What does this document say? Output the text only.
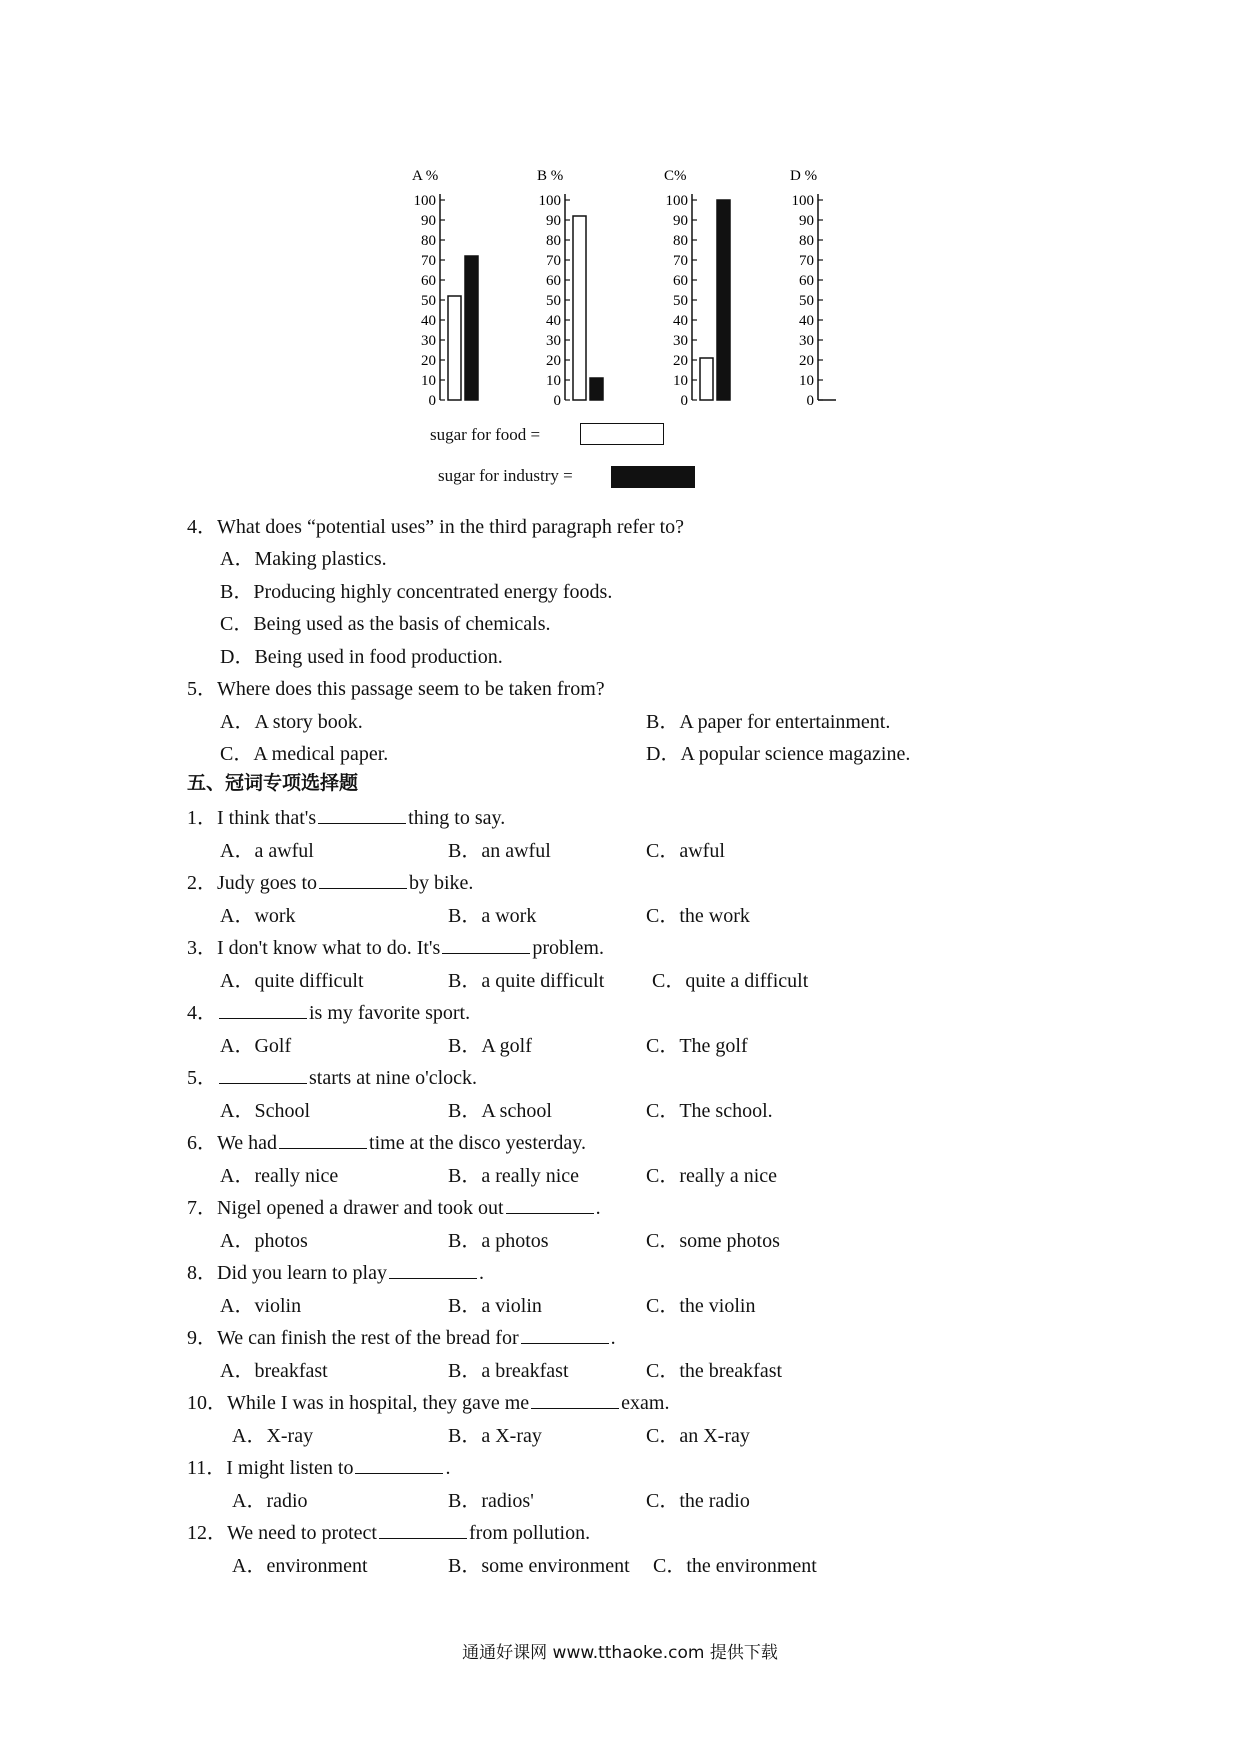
A %
100
90
80
70
60
50
40
30
20
10
0
B %
100
90
80
70
60
50
40
30
20
10
0
C%
100
90
80
70
60
50
40
30
20
10
0
D %
100
90
80
70
60
50
40
30
20
10
0
sugar for food =
sugar for industry =
4．What does “potential uses” in the third paragraph refer to?
A．Making plastics.
B．Producing highly concentrated energy foods.
C．Being used as the basis of chemicals.
D．Being used in food production.
5．Where does this passage seem to be taken from?
A．A story book.	B．A paper for entertainment.
C．A medical paper.	D．A popular science magazine.
五、冠词专项选择题
1．I think that's	thing to say.
A．a awful	B．an awful	C．awful
2．Judy goes to	by bike.
A．work	B．a work	C．the work
3．I don't know what to do. It's	problem.
A．quite difficult	B．a quite difficult C．quite a difficult
4．	is my favorite sport.
A．Golf	B．A golf	C．The golf
5．	starts at nine o'clock.
A．School	B．A school	C．The school.
6．We had	time at the disco yesterday.
A．really nice	B．a really nice	C．really a nice
7．Nigel opened a drawer and took out	.
A．photos	B．a photos	C．some photos
8．Did you learn to play	.
A．violin	B．a violin	C．the violin
9．We can finish the rest of the bread for	.
A．breakfast	B．a breakfast	C．the breakfast
10．While I was in hospital, they gave me	exam.
A．X-ray	B．a X-ray	C．an X-ray
11．I might listen to	.
A．radio	B．radios'	C．the radio
12．We need to protect	from pollution.
A．environment	B．some environment C．the environment
通通好课网 www.tthaoke.com 提供下载
